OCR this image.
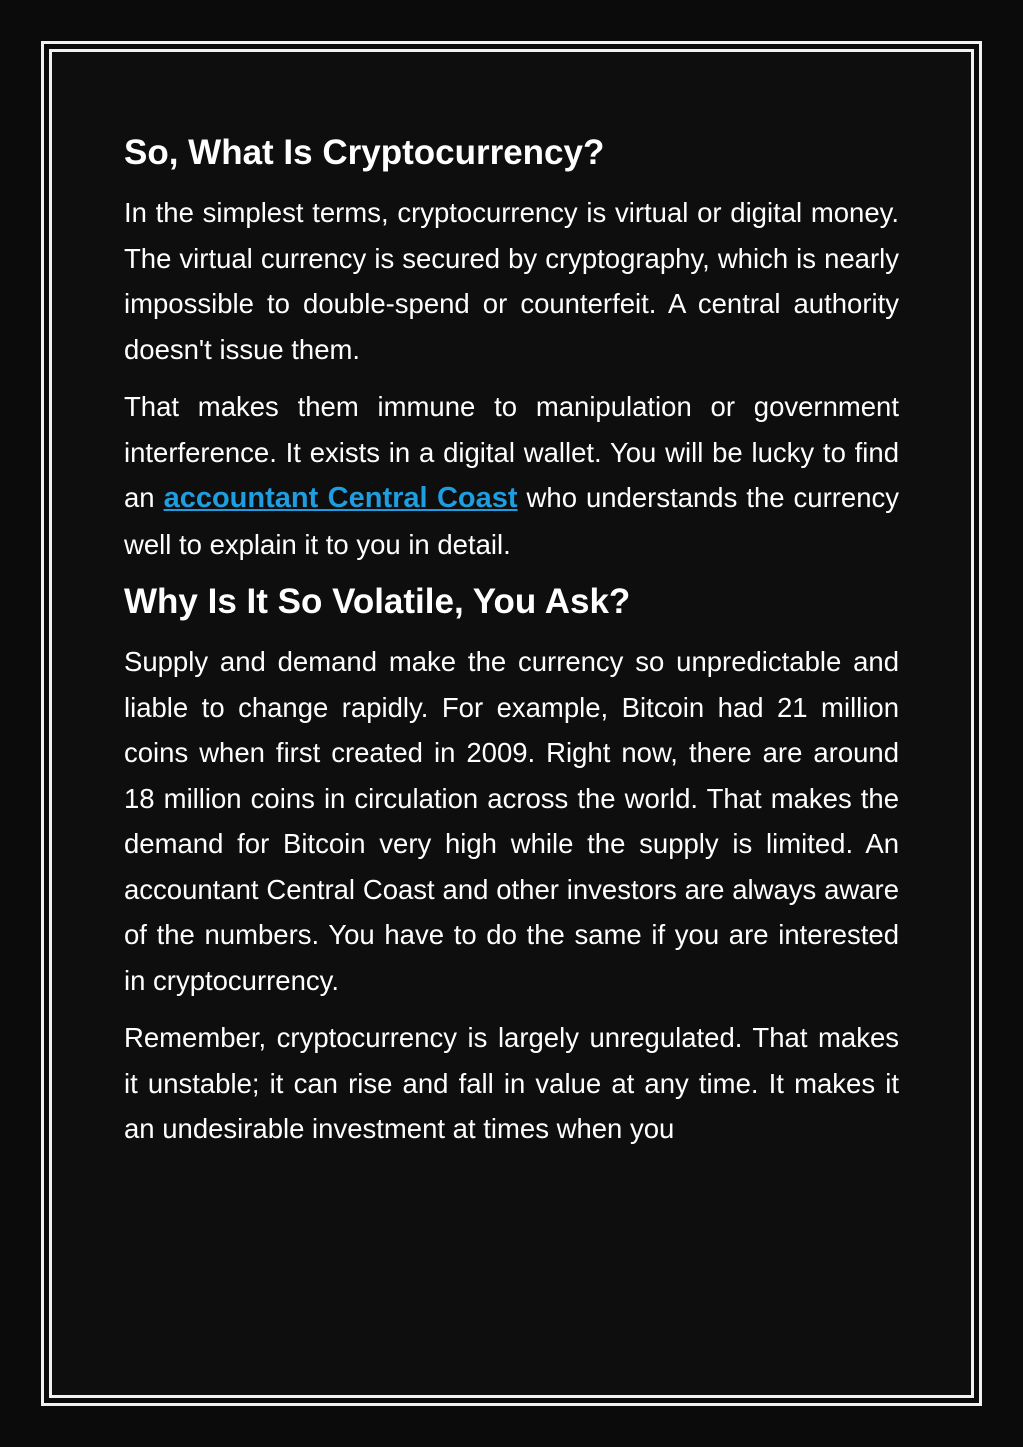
So, What Is Cryptocurrency?

In the simplest terms, cryptocurrency is virtual or digital money. The virtual currency is secured by cryptography, which is nearly impossible to double-spend or counterfeit. A central authority doesn't issue them.

That makes them immune to manipulation or government interference. It exists in a digital wallet. You will be lucky to find an accountant Central Coast who understands the currency well to explain it to you in detail.

Why Is It So Volatile, You Ask?

Supply and demand make the currency so unpredictable and liable to change rapidly. For example, Bitcoin had 21 million coins when first created in 2009. Right now, there are around 18 million coins in circulation across the world. That makes the demand for Bitcoin very high while the supply is limited. An accountant Central Coast and other investors are always aware of the numbers. You have to do the same if you are interested in cryptocurrency.

Remember, cryptocurrency is largely unregulated. That makes it unstable; it can rise and fall in value at any time. It makes it an undesirable investment at times when you
